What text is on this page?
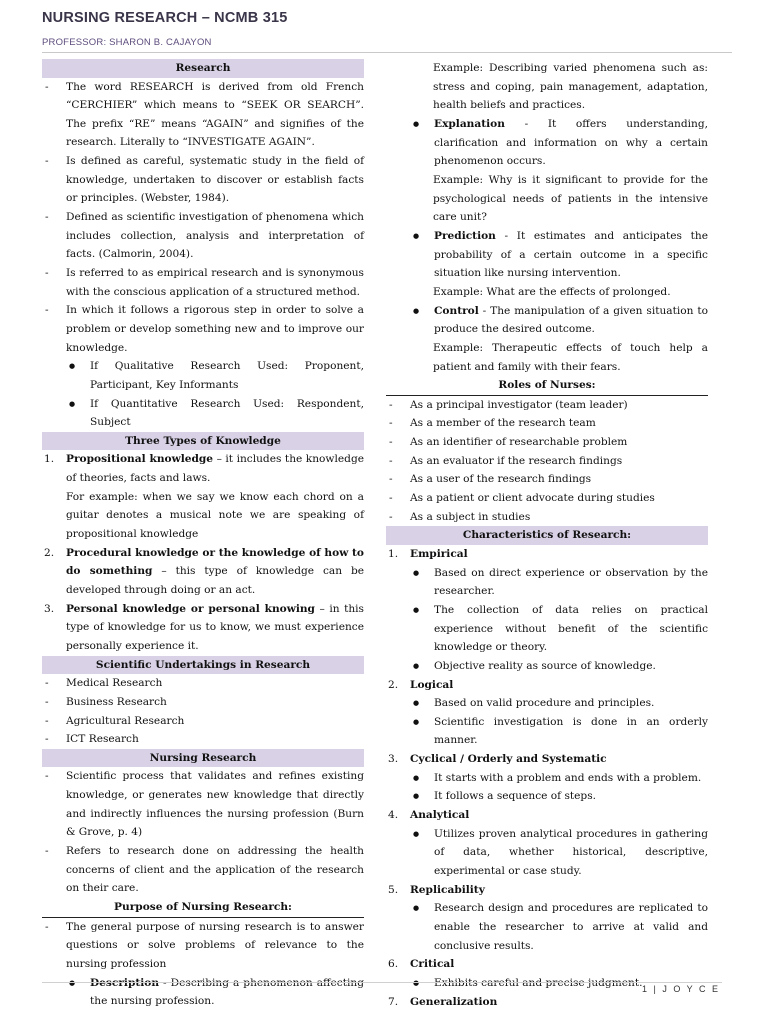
NURSING RESEARCH – NCMB 315
PROFESSOR: SHARON B. CAJAYON
Research
- The word RESEARCH is derived from old French “CERCHIER” which means to “SEEK OR SEARCH”. The prefix “RE” means “AGAIN” and signifies of the research. Literally to “INVESTIGATE AGAIN”.
- Is defined as careful, systematic study in the field of knowledge, undertaken to discover or establish facts or principles. (Webster, 1984).
- Defined as scientific investigation of phenomena which includes collection, analysis and interpretation of facts. (Calmorin, 2004).
- Is referred to as empirical research and is synonymous with the conscious application of a structured method.
- In which it follows a rigorous step in order to solve a problem or develop something new and to improve our knowledge.
● If Qualitative Research Used: Proponent, Participant, Key Informants
● If Quantitative Research Used: Respondent, Subject
Three Types of Knowledge
1. Propositional knowledge – it includes the knowledge of theories, facts and laws.
For example: when we say we know each chord on a guitar denotes a musical note we are speaking of propositional knowledge
2. Procedural knowledge or the knowledge of how to do something – this type of knowledge can be developed through doing or an act.
3. Personal knowledge or personal knowing – in this type of knowledge for us to know, we must experience personally experience it.
Scientific Undertakings in Research
- Medical Research
- Business Research
- Agricultural Research
- ICT Research
Nursing Research
- Scientific process that validates and refines existing knowledge, or generates new knowledge that directly and indirectly influences the nursing profession (Burn & Grove, p. 4)
- Refers to research done on addressing the health concerns of client and the application of the research on their care.
Purpose of Nursing Research:
- The general purpose of nursing research is to answer questions or solve problems of relevance to the nursing profession
● Description - Describing a phenomenon affecting the nursing profession.
Example: Describing varied phenomena such as: stress and coping, pain management, adaptation, health beliefs and practices.
● Explanation - It offers understanding, clarification and information on why a certain phenomenon occurs.
Example: Why is it significant to provide for the psychological needs of patients in the intensive care unit?
● Prediction - It estimates and anticipates the probability of a certain outcome in a specific situation like nursing intervention.
Example: What are the effects of prolonged.
● Control - The manipulation of a given situation to produce the desired outcome.
Example: Therapeutic effects of touch help a patient and family with their fears.
Roles of Nurses:
- As a principal investigator (team leader)
- As a member of the research team
- As an identifier of researchable problem
- As an evaluator if the research findings
- As a user of the research findings
- As a patient or client advocate during studies
- As a subject in studies
Characteristics of Research:
1. Empirical
● Based on direct experience or observation by the researcher.
● The collection of data relies on practical experience without benefit of the scientific knowledge or theory.
● Objective reality as source of knowledge.
2. Logical
● Based on valid procedure and principles.
● Scientific investigation is done in an orderly manner.
3. Cyclical / Orderly and Systematic
● It starts with a problem and ends with a problem.
● It follows a sequence of steps.
4. Analytical
● Utilizes proven analytical procedures in gathering of data, whether historical, descriptive, experimental or case study.
5. Replicability
● Research design and procedures are replicated to enable the researcher to arrive at valid and conclusive results.
6. Critical
● Exhibits careful and precise judgment.
7. Generalization
1 | J O Y C E
